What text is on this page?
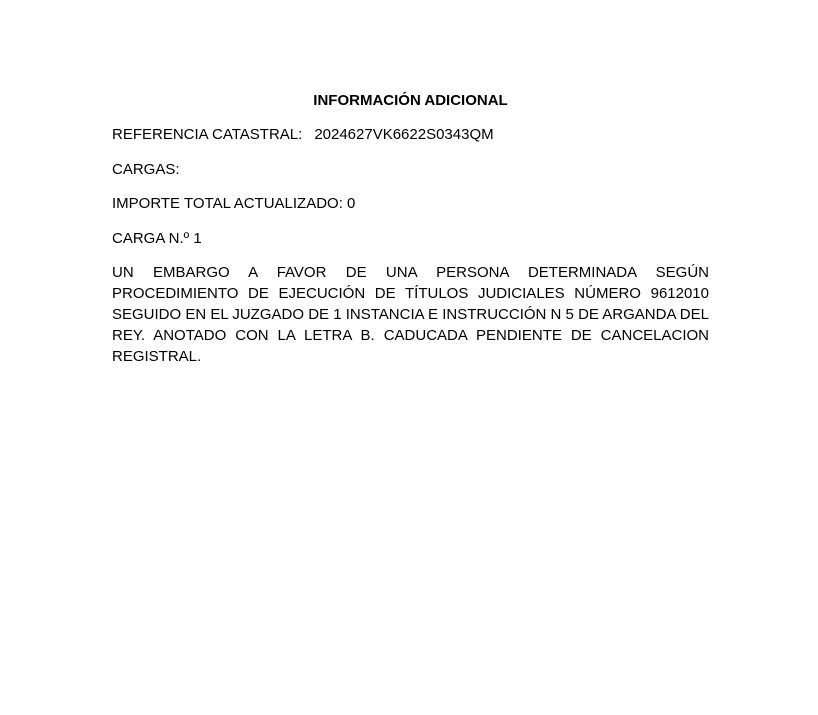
INFORMACIÓN ADICIONAL

REFERENCIA CATASTRAL: 2024627VK6622S0343QM

CARGAS:

IMPORTE TOTAL ACTUALIZADO: 0

CARGA N.º 1

UN EMBARGO A FAVOR DE UNA PERSONA DETERMINADA SEGÚN PROCEDIMIENTO DE EJECUCIÓN DE TÍTULOS JUDICIALES NÚMERO 9612010 SEGUIDO EN EL JUZGADO DE 1 INSTANCIA E INSTRUCCIÓN N 5 DE ARGANDA DEL REY. ANOTADO CON LA LETRA B. CADUCADA PENDIENTE DE CANCELACION REGISTRAL.
